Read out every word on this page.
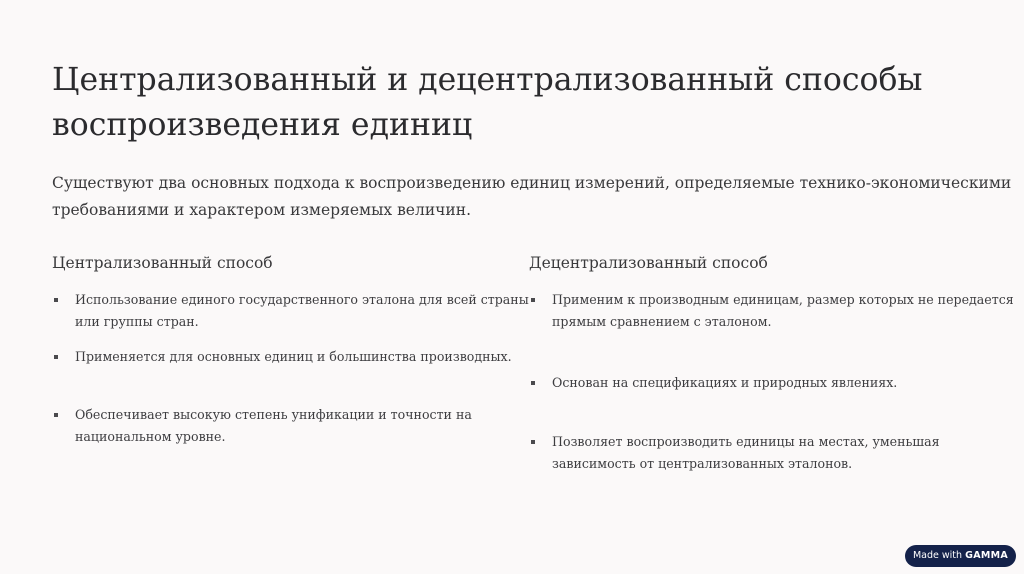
Централизованный и децентрализованный способы
воспроизведения единиц

Существуют два основных подхода к воспроизведению единиц измерений, определяемые технико-экономическими
требованиями и характером измеряемых величин.

Централизованный способ
Использование единого государственного эталона для всей страны
или группы стран.
Применяется для основных единиц и большинства производных.
Обеспечивает высокую степень унификации и точности на
национальном уровне.
Децентрализованный способ
Применим к производным единицам, размер которых не передается
прямым сравнением с эталоном.
Основан на спецификациях и природных явлениях.
Позволяет воспроизводить единицы на местах, уменьшая
зависимость от централизованных эталонов.
Made with GAMMA
